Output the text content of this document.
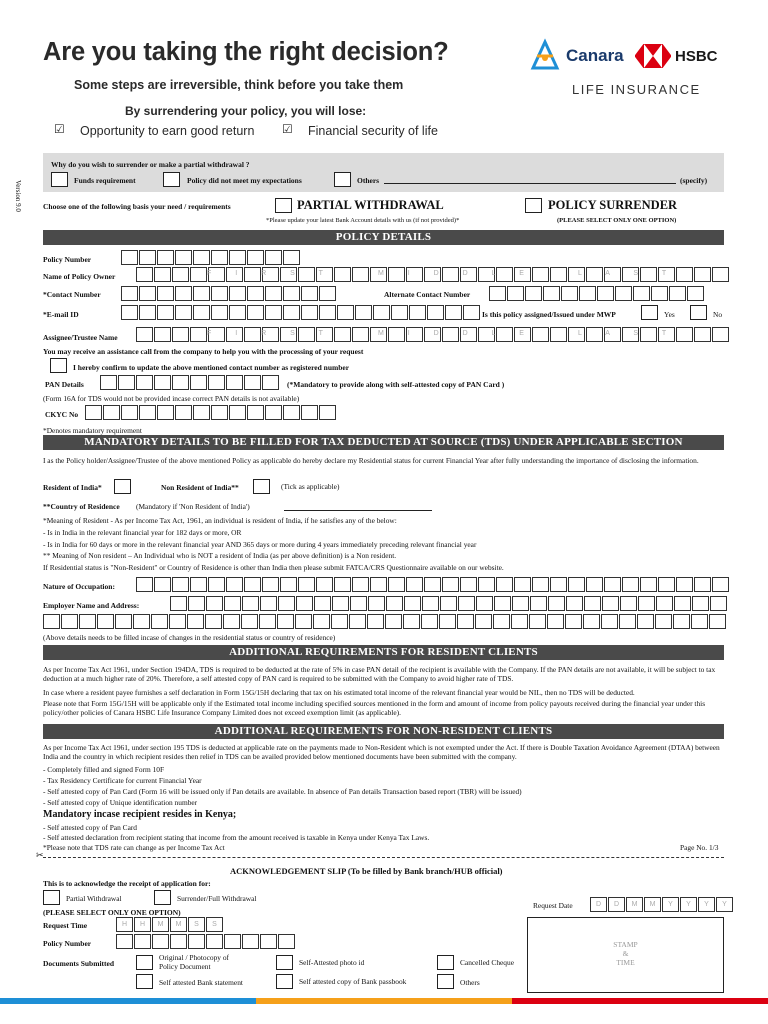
Are you taking the right decision?
Some steps are irreversible, think before you take them
By surrendering your policy, you will lose:
☑ Opportunity to earn good return ☑ Financial security of life
Canara	HSBC
LIFE INSURANCE
Version 9.0
Why do you wish to surrender or make a partial withdrawal ?
Funds requirement	Policy did not meet my expectations	Others	(specify)
Choose one of the following basis your need / requirements	PARTIAL WITHDRAWAL
*Please update your latest Bank Account details with us (if not provided)*
POLICY SURRENDER
(PLEASE SELECT ONLY ONE OPTION)
POLICY DETAILS
Policy Number
Name of Policy Owner	F I R S T	M I D D L E	L A S T
*Contact Number	Alternate Contact Number
*E-mail ID	Is this policy assigned/Issued under MWP	Yes	No
Assignee/Trustee Name	F I R S T	M I D D L E	L A S T
You may receive an assistance call from the company to help you with the processing of your request
I hereby confirm to update the above mentioned contact number as registered number
PAN Details	(*Mandatory to provide along with self-attested copy of PAN Card )
(Form 16A for TDS would not be provided incase correct PAN details is not available)
CKYC No
*Denotes mandatory requirement
MANDATORY DETAILS TO BE FILLED FOR TAX DEDUCTED AT SOURCE (TDS) UNDER APPLICABLE SECTION
I as the Policy holder/Assignee/Trustee of the above mentioned Policy as applicable do hereby declare my Residential status for current Financial Year after fully understanding the importance of disclosing the information.
Resident of India*	Non Resident of India**	(Tick as applicable)
**Country of Residence (Mandatory if 'Non Resident of India')
*Meaning of Resident - As per Income Tax Act, 1961, an individual is resident of India, if he satisfies any of the below:
- Is in India in the relevant financial year for 182 days or more, OR
- Is in India for 60 days or more in the relevant financial year AND 365 days or more during 4 years immediately preceding relevant financial year
** Meaning of Non resident – An Individual who is NOT a resident of India (as per above definition) is a Non resident.
If Residential status is "Non-Resident" or Country of Residence is other than India then please submit FATCA/CRS Questionnaire available on our website.
Nature of Occupation:
Employer Name and Address:
(Above details needs to be filled incase of changes in the residential status or country of residence)
ADDITIONAL REQUIREMENTS FOR RESIDENT CLIENTS
As per Income Tax Act 1961, under Section 194DA, TDS is required to be deducted at the rate of 5% in case PAN detail of the recipient is available with the Company. If the PAN details are not available, it will be subject to tax deduction at a much higher rate of 20%. Therefore, a self attested copy of PAN card is required to be submitted with the Company to avoid higher rate of TDS.
In case where a resident payee furnishes a self declaration in Form 15G/15H declaring that tax on his estimated total income of the relevant financial year would be NIL, then no TDS will be deducted.
Please note that Form 15G/15H will be applicable only if the Estimated total income including specified sources mentioned in the form and amount of income from policy payouts received during the financial year under this policy/other policies of Canara HSBC Life Insurance Company Limited does not exceed exemption limit (as applicable).
ADDITIONAL REQUIREMENTS FOR NON-RESIDENT CLIENTS
As per Income Tax Act 1961, under section 195 TDS is deducted at applicable rate on the payments made to Non-Resident which is not exempted under the Act. If there is Double Taxation Avoidance Agreement (DTAA) between India and the country in which recipient resides then relief in TDS can be availed provided below mentioned documents have been submitted with the company.
- Completely filled and signed Form 10F
- Tax Residency Certificate for current Financial Year
- Self attested copy of Pan Card (Form 16 will be issued only if Pan details are available. In absence of Pan details Transaction based report (TBR) will be issued)
- Self attested copy of Unique identification number
Mandatory incase recipient resides in Kenya;
- Self attested copy of Pan Card
- Self attested declaration from recipient stating that income from the amount received is taxable in Kenya under Kenya Tax Laws.
*Please note that TDS rate can change as per Income Tax Act	Page No. 1/3
✂
ACKNOWLEDGEMENT SLIP (To be filled by Bank branch/HUB official)
This is to acknowledge the receipt of application for:
Partial Withdrawal	Surrender/Full Withdrawal
(PLEASE SELECT ONLY ONE OPTION)
Request Date	D	D	M	M	Y	Y	Y	Y
Request Time	H	H	M	M	S	S
Policy Number	STAMP
&
TIME
Documents Submitted
Original / Photocopy of Policy Document	Self-Attested photo id	Cancelled Cheque
Self attested Bank statement	Self attested copy of Bank passbook	Others
